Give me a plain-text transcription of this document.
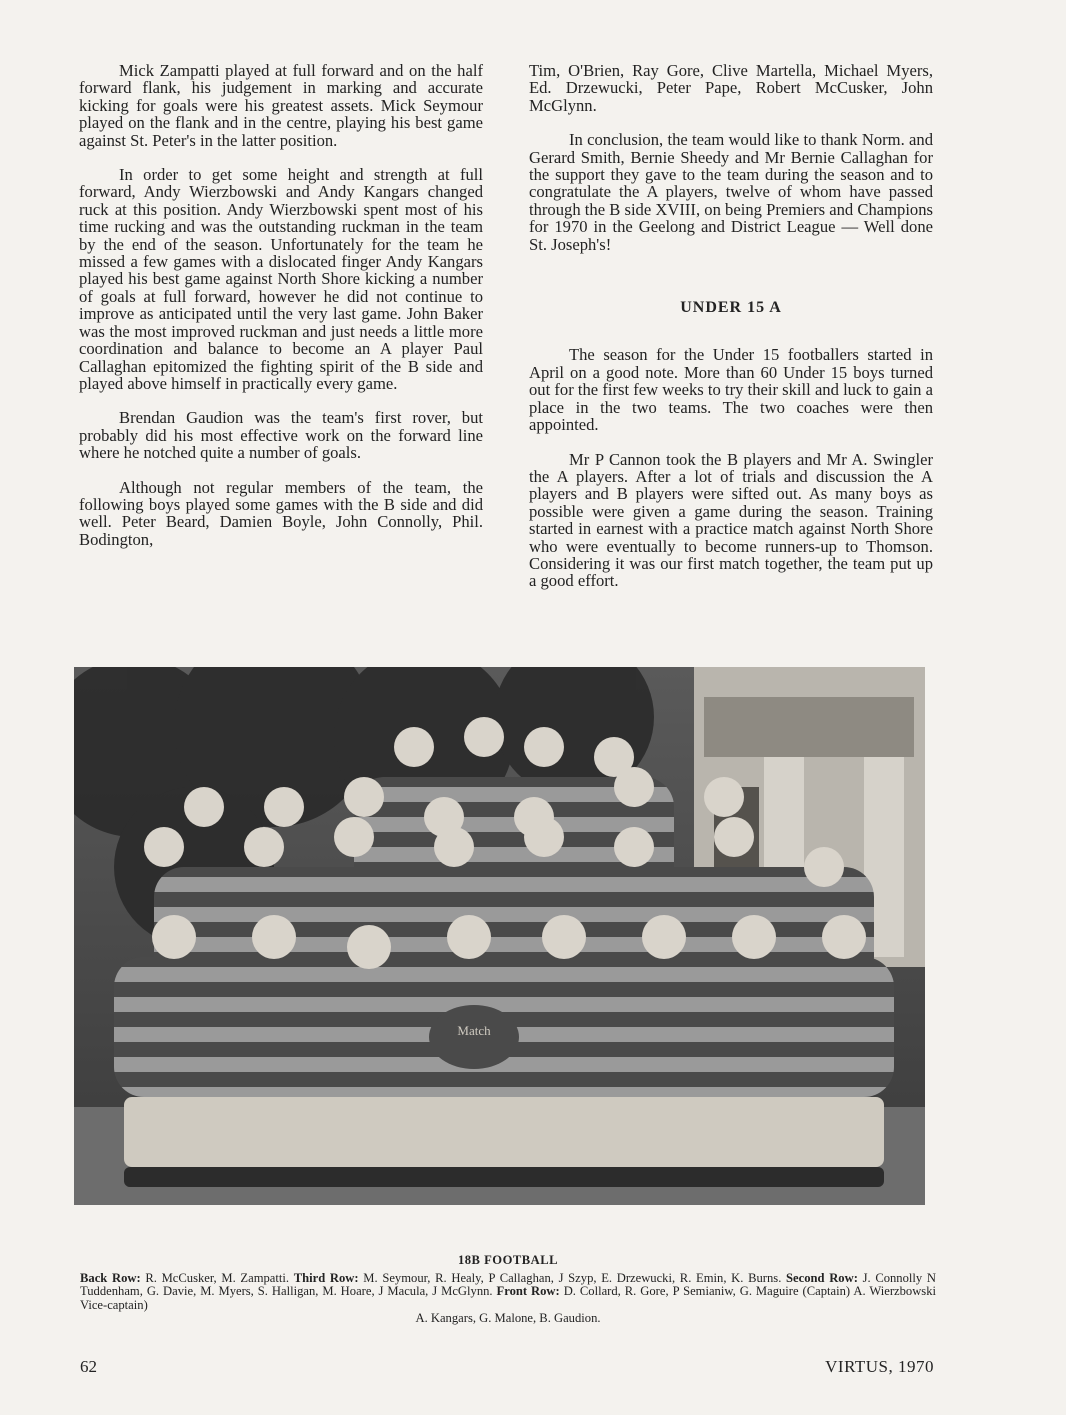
Mick Zampatti played at full forward and on the half forward flank, his judgement in marking and accurate kicking for goals were his greatest assets. Mick Seymour played on the flank and in the centre, playing his best game against St. Peter's in the latter position.

In order to get some height and strength at full forward, Andy Wierzbowski and Andy Kangars changed ruck at this position. Andy Wierzbowski spent most of his time rucking and was the outstanding ruckman in the team by the end of the season. Unfortunately for the team he missed a few games with a dislocated finger Andy Kangars played his best game against North Shore kicking a number of goals at full forward, however he did not continue to improve as anticipated until the very last game. John Baker was the most improved ruckman and just needs a little more coordination and balance to become an A player Paul Callaghan epitomized the fighting spirit of the B side and played above himself in practically every game.

Brendan Gaudion was the team's first rover, but probably did his most effective work on the forward line where he notched quite a number of goals.

Although not regular members of the team, the following boys played some games with the B side and did well. Peter Beard, Damien Boyle, John Connolly, Phil. Bodington,

Tim, O'Brien, Ray Gore, Clive Martella, Michael Myers, Ed. Drzewucki, Peter Pape, Robert McCusker, John McGlynn.

In conclusion, the team would like to thank Norm. and Gerard Smith, Bernie Sheedy and Mr Bernie Callaghan for the support they gave to the team during the season and to congratulate the A players, twelve of whom have passed through the B side XVIII, on being Premiers and Champions for 1970 in the Geelong and District League — Well done St. Joseph's!

UNDER 15 A

The season for the Under 15 footballers started in April on a good note. More than 60 Under 15 boys turned out for the first few weeks to try their skill and luck to gain a place in the two teams. The two coaches were then appointed.

Mr P Cannon took the B players and Mr A. Swingler the A players. After a lot of trials and discussion the A players and B players were sifted out. As many boys as possible were given a game during the season. Training started in earnest with a practice match against North Shore who were eventually to become runners-up to Thomson. Considering it was our first match together, the team put up a good effort.

Match
18B FOOTBALL
Back Row: R. McCusker, M. Zampatti. Third Row: M. Seymour, R. Healy, P Callaghan, J Szyp, E. Drzewucki, R. Emin, K. Burns. Second Row: J. Connolly N Tuddenham, G. Davie, M. Myers, S. Halligan, M. Hoare, J Macula, J McGlynn. Front Row: D. Collard, R. Gore, P Semianiw, G. Maguire (Captain) A. Wierzbowski Vice-captain)
A. Kangars, G. Malone, B. Gaudion.
62	VIRTUS, 1970
